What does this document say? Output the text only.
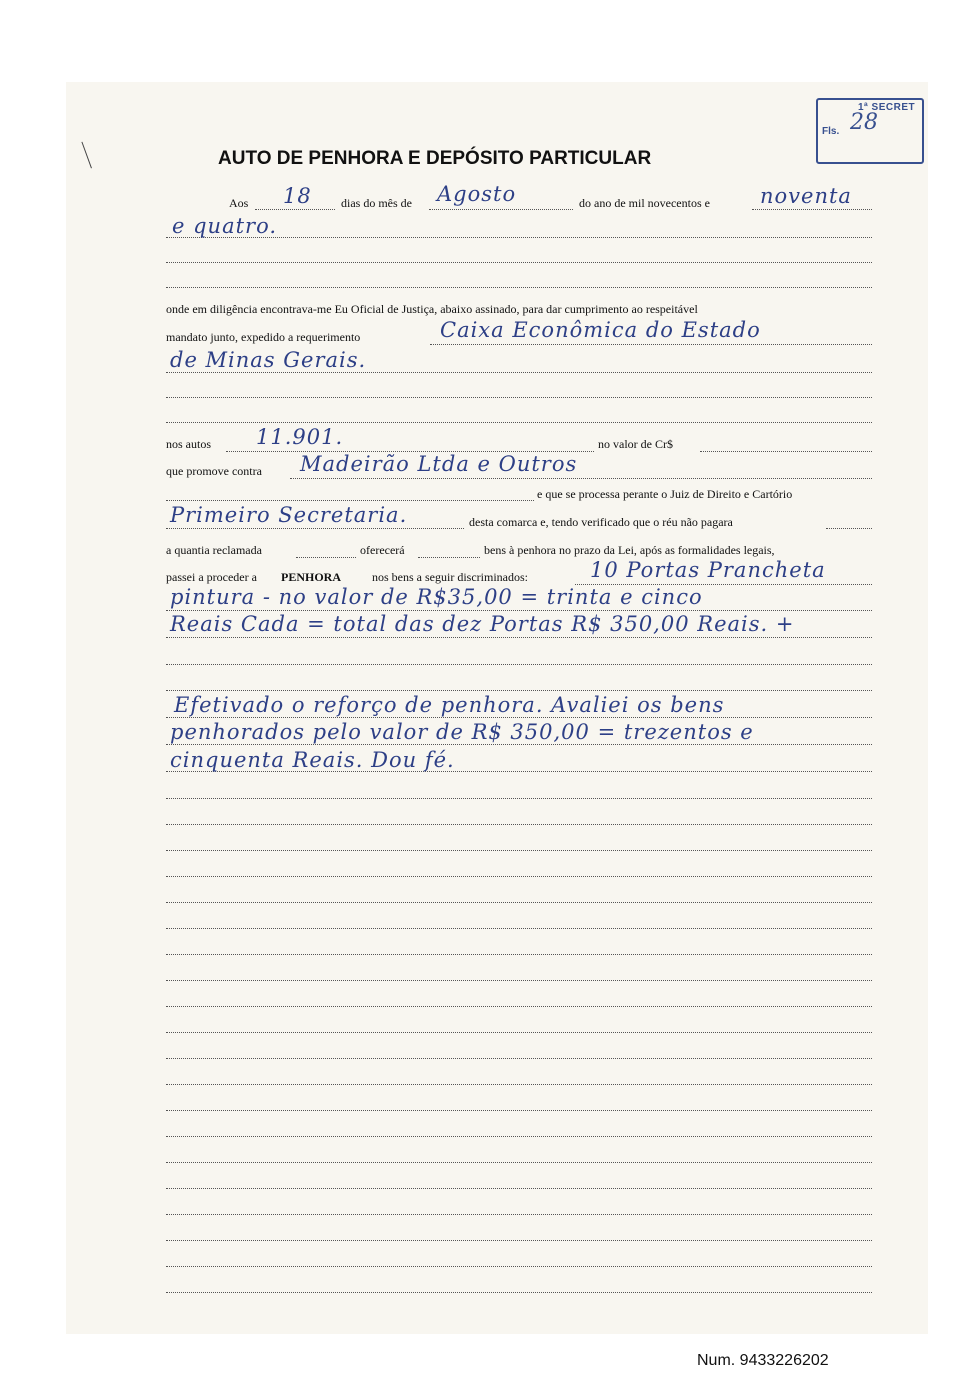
1ª SECRET
Fls. 28
AUTO DE PENHORA E DEPÓSITO PARTICULAR
Aos 18 dias do mês de Agosto	do ano de mil novecentos e noventa
e quatro.
onde em diligência encontrava-me Eu Oficial de Justiça, abaixo assinado, para dar cumprimento ao respeitável
mandato junto, expedido a requerimento	Caixa Econômica do Estado
de Minas Gerais.
nos autos 11.901.	no valor de Cr$
que promove contra Madeirão Ltda e Outros
e que se processa perante o Juiz de Direito e Cartório
Primeiro Secretaria.	desta comarca e, tendo verificado que o réu não pagara
a quantia reclamada	oferecerá	bens à penhora no prazo da Lei, após as formalidades legais,
passei a proceder a PENHORA	nos bens a seguir discriminados:	10 Portas Prancheta
pintura - no valor de R$35,00 = trinta e cinco
Reais Cada = total das dez Portas R$ 350,00 Reais. +
Efetivado o reforço de penhora. Avaliei os bens
penhorados pelo valor de R$ 350,00 = trezentos e
cinquenta Reais. Dou fé.
Num. 9433226202
